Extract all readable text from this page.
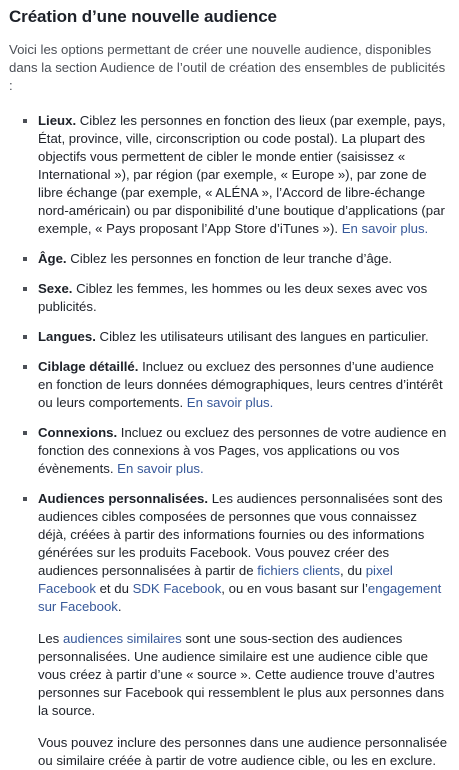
Création d’une nouvelle audience

Voici les options permettant de créer une nouvelle audience, disponibles dans la section Audience de l’outil de création des ensembles de publicités :

Lieux. Ciblez les personnes en fonction des lieux (par exemple, pays, État, province, ville, circonscription ou code postal). La plupart des objectifs vous permettent de cibler le monde entier (saisissez « International »), par région (par exemple, « Europe »), par zone de libre échange (par exemple, « ALÉNA », l’Accord de libre-échange nord-américain) ou par disponibilité d’une boutique d’applications (par exemple, « Pays proposant l’App Store d’iTunes »). En savoir plus.
Âge. Ciblez les personnes en fonction de leur tranche d’âge.
Sexe. Ciblez les femmes, les hommes ou les deux sexes avec vos publicités.
Langues. Ciblez les utilisateurs utilisant des langues en particulier.
Ciblage détaillé. Incluez ou excluez des personnes d’une audience en fonction de leurs données démographiques, leurs centres d’intérêt ou leurs comportements. En savoir plus.
Connexions. Incluez ou excluez des personnes de votre audience en fonction des connexions à vos Pages, vos applications ou vos évènements. En savoir plus.
Audiences personnalisées. Les audiences personnalisées sont des audiences cibles composées de personnes que vous connaissez déjà, créées à partir des informations fournies ou des informations générées sur les produits Facebook. Vous pouvez créer des audiences personnalisées à partir de fichiers clients, du pixel Facebook et du SDK Facebook, ou en vous basant sur l’engagement sur Facebook.

Les audiences similaires sont une sous-section des audiences personnalisées. Une audience similaire est une audience cible que vous créez à partir d’une « source ». Cette audience trouve d’autres personnes sur Facebook qui ressemblent le plus aux personnes dans la source.

Vous pouvez inclure des personnes dans une audience personnalisée ou similaire créée à partir de votre audience cible, ou les en exclure.
